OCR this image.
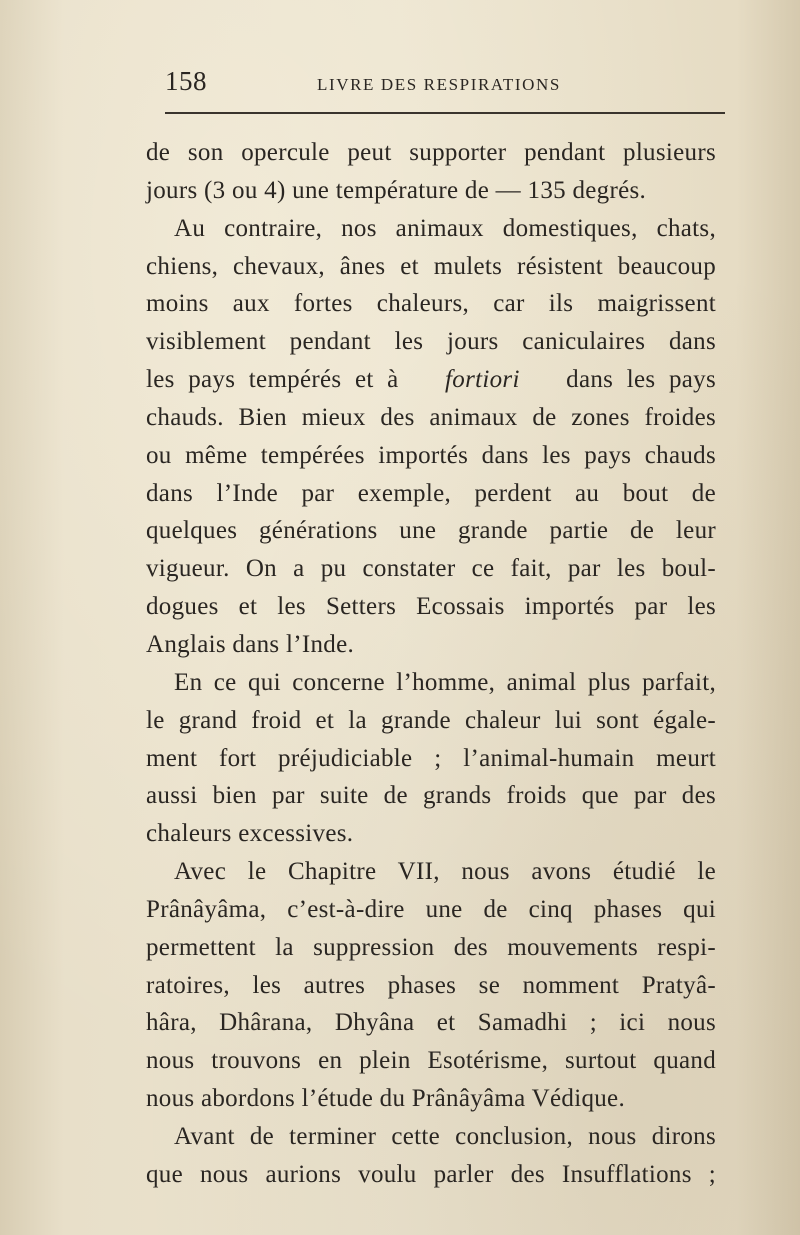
158	LIVRE DES RESPIRATIONS
de son opercule peut supporter pendant plusieurs
jours (3 ou 4) une température de — 135 degrés.
Au contraire, nos animaux domestiques, chats,
chiens, chevaux, ânes et mulets résistent beaucoup
moins aux fortes chaleurs, car ils maigrissent
visiblement pendant les jours caniculaires dans
les pays tempérés et à fortiori dans les pays
chauds. Bien mieux des animaux de zones froides
ou même tempérées importés dans les pays chauds
dans l’Inde par exemple, perdent au bout de
quelques générations une grande partie de leur
vigueur. On a pu constater ce fait, par les boul-
dogues et les Setters Ecossais importés par les
Anglais dans l’Inde.
En ce qui concerne l’homme, animal plus parfait,
le grand froid et la grande chaleur lui sont égale-
ment fort préjudiciable ; l’animal-humain meurt
aussi bien par suite de grands froids que par des
chaleurs excessives.
Avec le Chapitre VII, nous avons étudié le
Prânâyâma, c’est-à-dire une de cinq phases qui
permettent la suppression des mouvements respi-
ratoires, les autres phases se nomment Pratyâ-
hâra, Dhârana, Dhyâna et Samadhi ; ici nous
nous trouvons en plein Esotérisme, surtout quand
nous abordons l’étude du Prânâyâma Védique.
Avant de terminer cette conclusion, nous dirons
que nous aurions voulu parler des Insufflations ;
